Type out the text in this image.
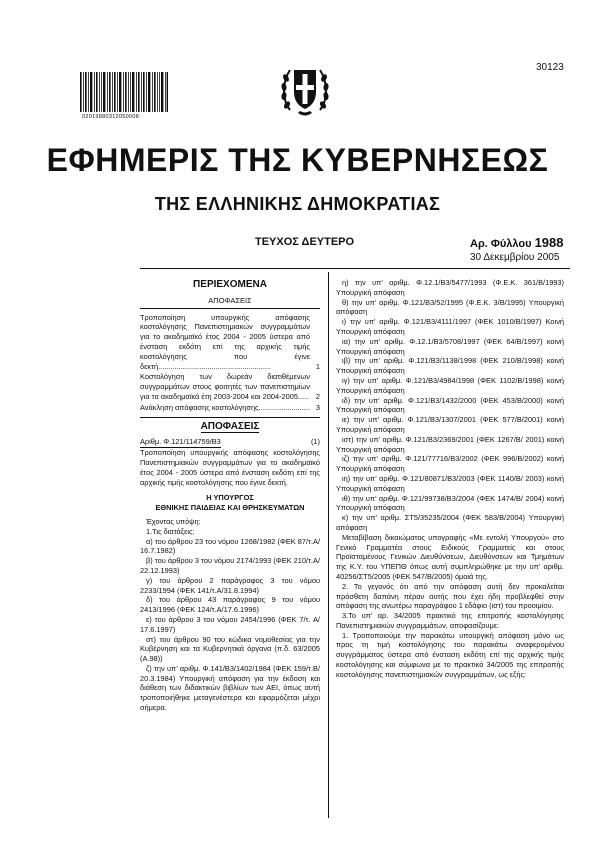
30123
02019880312050008
ΕΦΗΜΕΡΙΣ ΤΗΣ ΚΥΒΕΡΝΗΣΕΩΣ
ΤΗΣ ΕΛΛΗΝΙΚΗΣ ΔΗΜΟΚΡΑΤΙΑΣ
ΤΕΥΧΟΣ ΔΕΥΤΕΡΟ	Αρ. Φύλλου 1988
30 Δεκεμβρίου 2005
ΠΕΡΙΕΧΟΜΕΝΑ
ΑΠΟΦΑΣΕΙΣ
Τροποποίηση υπουργικής απόφασης κοστολόγησης Πανεπιστημιακών συγγραμμάτων για το ακαδημαϊκό έτος 2004 - 2005 ύστερα από ένσταση εκδότη επί της αρχικής τιμής κοστολόγησης που έγινε δεκτή.......................................................	1
Κοστολόγηση των δωρεάν διατιθέμενων συγγραμμάτων στους φοιτητές των πανεπιστημίων για τα ακαδημαϊκά έτη 2003-2004 και 2004-2005..... 2
Ανάκληση απόφασης κοστολόγησης......................... 3
ΑΠΟΦΑΣΕΙΣ
Αριθμ. Φ.121/114759/Β3	(1)
Τροποποίηση υπουργικής απόφασης κοστολόγησης Πανεπιστημιακών συγγραμμάτων για το ακαδημαϊκό έτος 2004 - 2005 ύστερα από ένσταση εκδότη επί της αρχικής τιμής κοστολόγησης που έγινε δεκτή.
Η ΥΠΟΥΡΓΟΣ
ΕΘΝΙΚΗΣ ΠΑΙΔΕΙΑΣ ΚΑΙ ΘΡΗΣΚΕΥΜΑΤΩΝ
Έχοντας υπόψη:
1.Τις διατάξεις:

α) του άρθρου 23 του νόμου 1268/1982 (ΦΕΚ 87/τ.Α/ 16.7.1982)

β) του άρθρου 3 του νόμου 2174/1993 (ΦΕΚ 210/τ.Α/ 22.12.1993)

γ) του άρθρου 2 παράγραφος 3 του νόμου 2233/1994 (ΦΕΚ 141/τ.Α/31.8.1994)

δ) του άρθρου 43 παράγραφος 9 του νόμου 2413/1996 (ΦΕΚ 124/τ.Α/17.6.1996)

ε) του άρθρου 3 του νόμου 2454/1996 (ΦΕΚ 7/τ. Α/ 17.6.1997)

στ) του άρθρου 90 του κώδικα νομοθεσίας για την Κυβέρνηση και τα Κυβερνητικά όργανα (π.δ. 63/2005 (Α.98))

ζ) την υπ’ αριθμ. Φ.141/Β3/1402/1984 (ΦΕΚ 159/τ.Β/ 20.3.1984) Υπουργική απόφαση για την έκδοση και διάθεση των διδακτικών βιβλίων των ΑΕΙ, όπως αυτή τροποποιήθηκε μεταγενέστερα και εφαρμόζεται μέχρι σήμερα.

η) την υπ’ αριθμ. Φ.12.1/Β3/5477/1993 (Φ.Ε.Κ. 361/Β/1993) Υπουργική απόφαση

θ) την υπ’ αριθμ. Φ.121/Β3/52/1995 (Φ.Ε.Κ. 3/Β/1995) Υπουργική απόφαση

ι) την υπ’ αριθμ. Φ.121/Β3/4111/1997 (ΦΕΚ 1010/Β/1997) Κοινή Υπουργική απόφαση

ια) την υπ’ αριθμ. Φ.12.1/Β3/5708/1997 (ΦΕΚ 64/Β/1997) κοινή Υπουργική απόφαση

ιβ) την υπ’ αριθμ. Φ.121/Β3/1138/1998 (ΦΕΚ 210/Β/1998) κοινή Υπουργική απόφαση

ιγ) την υπ’ αριθμ. Φ.121/Β3/4984/1998 (ΦΕΚ 1102/Β/1998) κοινή Υπουργική απόφαση

ιδ) την υπ’ αριθμ. Φ.121/Β3/1432/2000 (ΦΕΚ 453/Β/2000) κοινή Υπουργική απόφαση

ιε) την υπ’ αριθμ. Φ.121/Β3/1307/2001 (ΦΕΚ 577/Β/2001) κοινή Υπουργική απόφαση

ιστ) την υπ’ αριθμ. Φ.121/Β3/2369/2001 (ΦΕΚ 1267/Β/ 2001) κοινή Υπουργική απόφαση

ιζ) την υπ’ αριθμ. Φ.121/77716/Β3/2002 (ΦΕΚ 996/Β/2002) κοινή Υπουργική απόφαση

ιη) την υπ’ αριθμ. Φ.121/80871/Β3/2003 (ΦΕΚ 1140/Β/ 2003) κοινή Υπουργική απόφαση

ιθ) την υπ’ αριθμ. Φ.121/99738/Β3/2004 (ΦΕΚ 1474/Β/ 2004) κοινή Υπουργική απόφαση

κ) την υπ’ αριθμ. ΣΤ5/35235/2004 (ΦΕΚ 583/Β/2004) Υπουργική απόφαση

Μεταβίβαση δικαιώματος υπογραφής «Με εντολή Υπουργού» στο Γενικό Γραμματέα στους Ειδικούς Γραμματείς και στους Προϊσταμένους Γενικών Διευθύνσεων, Διευθύνσεων και Τμημάτων της Κ.Υ. του ΥΠΕΠΘ όπως αυτή συμπληρώθηκε με την υπ’ αριθμ. 40256/ΣΤ5/2005 (ΦΕΚ 547/Β/2005) όμοιά της.

2. Το γεγονός ότι από την απόφαση αυτή δεν προκαλείται πρόσθετη δαπάνη πέραν αυτής που έχει ήδη προβλεφθεί στην απόφαση της ανωτέρω παραγράφου 1 εδάφιο (ιστ) του προοιμίου.

3.Το υπ’ αρ. 34/2005 πρακτικό της επιτροπής κοστολόγησης Πανεπιστημιακών συγγραμμάτων, αποφασίζουμε:

1. Τροποποιούμε την παρακάτω υπουργική απόφαση μόνο ως προς τη τιμή κοστολόγησης του παρακάτω αναφερομένου συγγράμματος ύστερα από ένσταση εκδότη επί της αρχικής τιμής κοστολόγησης και σύμφωνα με το πρακτικό 34/2005 της επιτροπής κοστολόγησης πανεπιστημιακών συγγραμμάτων, ως εξής:
